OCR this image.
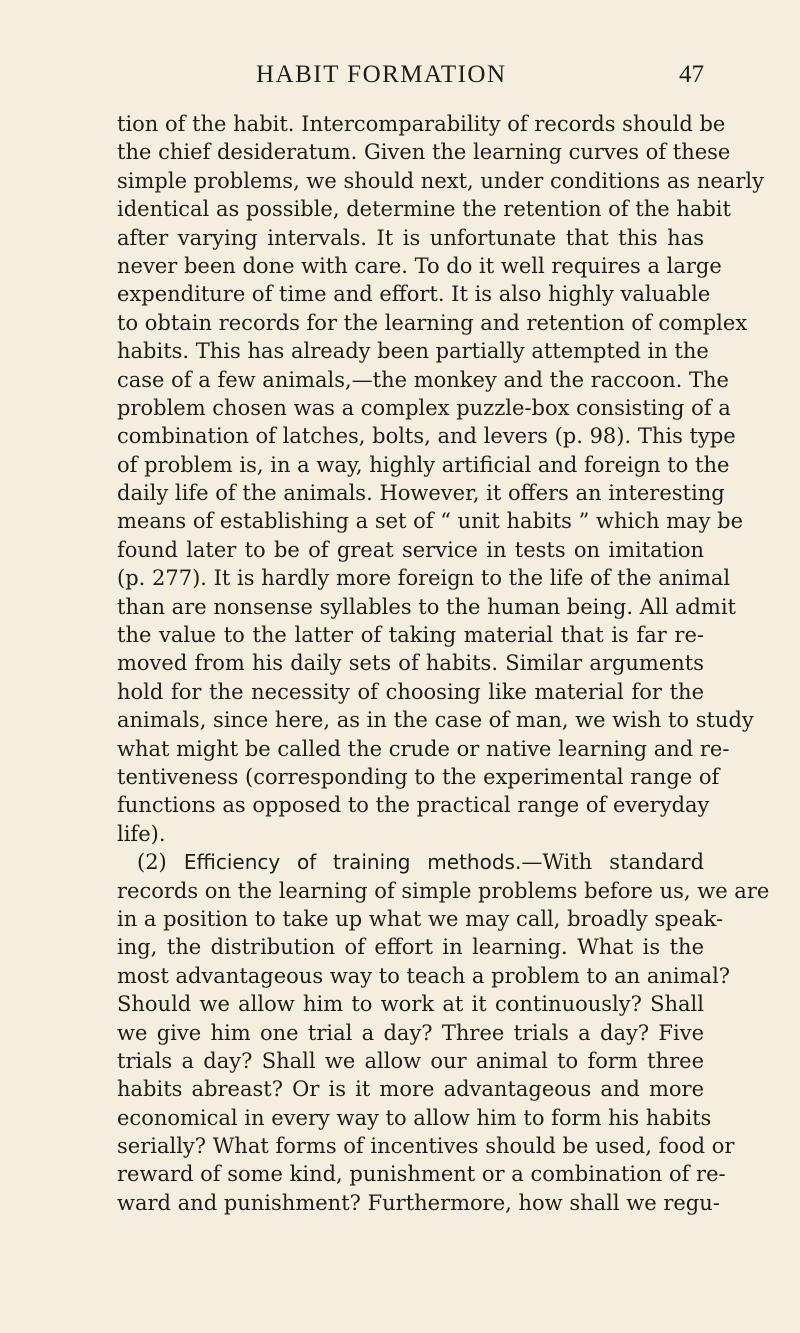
HABIT FORMATION	47
tion of the habit. Intercomparability of records should be
the chief desideratum. Given the learning curves of these
simple problems, we should next, under conditions as nearly
identical as possible, determine the retention of the habit
after varying intervals. It is unfortunate that this has
never been done with care. To do it well requires a large
expenditure of time and effort. It is also highly valuable
to obtain records for the learning and retention of complex
habits. This has already been partially attempted in the
case of a few animals,—the monkey and the raccoon. The
problem chosen was a complex puzzle-box consisting of a
combination of latches, bolts, and levers (p. 98). This type
of problem is, in a way, highly artificial and foreign to the
daily life of the animals. However, it offers an interesting
means of establishing a set of “ unit habits ” which may be
found later to be of great service in tests on imitation
(p. 277). It is hardly more foreign to the life of the animal
than are nonsense syllables to the human being. All admit
the value to the latter of taking material that is far re-
moved from his daily sets of habits. Similar arguments
hold for the necessity of choosing like material for the
animals, since here, as in the case of man, we wish to study
what might be called the crude or native learning and re-
tentiveness (corresponding to the experimental range of
functions as opposed to the practical range of everyday
life).
(2) Efficiency of training methods.—With standard
records on the learning of simple problems before us, we are
in a position to take up what we may call, broadly speak-
ing, the distribution of effort in learning. What is the
most advantageous way to teach a problem to an animal?
Should we allow him to work at it continuously? Shall
we give him one trial a day? Three trials a day? Five
trials a day? Shall we allow our animal to form three
habits abreast? Or is it more advantageous and more
economical in every way to allow him to form his habits
serially? What forms of incentives should be used, food or
reward of some kind, punishment or a combination of re-
ward and punishment? Furthermore, how shall we regu-
